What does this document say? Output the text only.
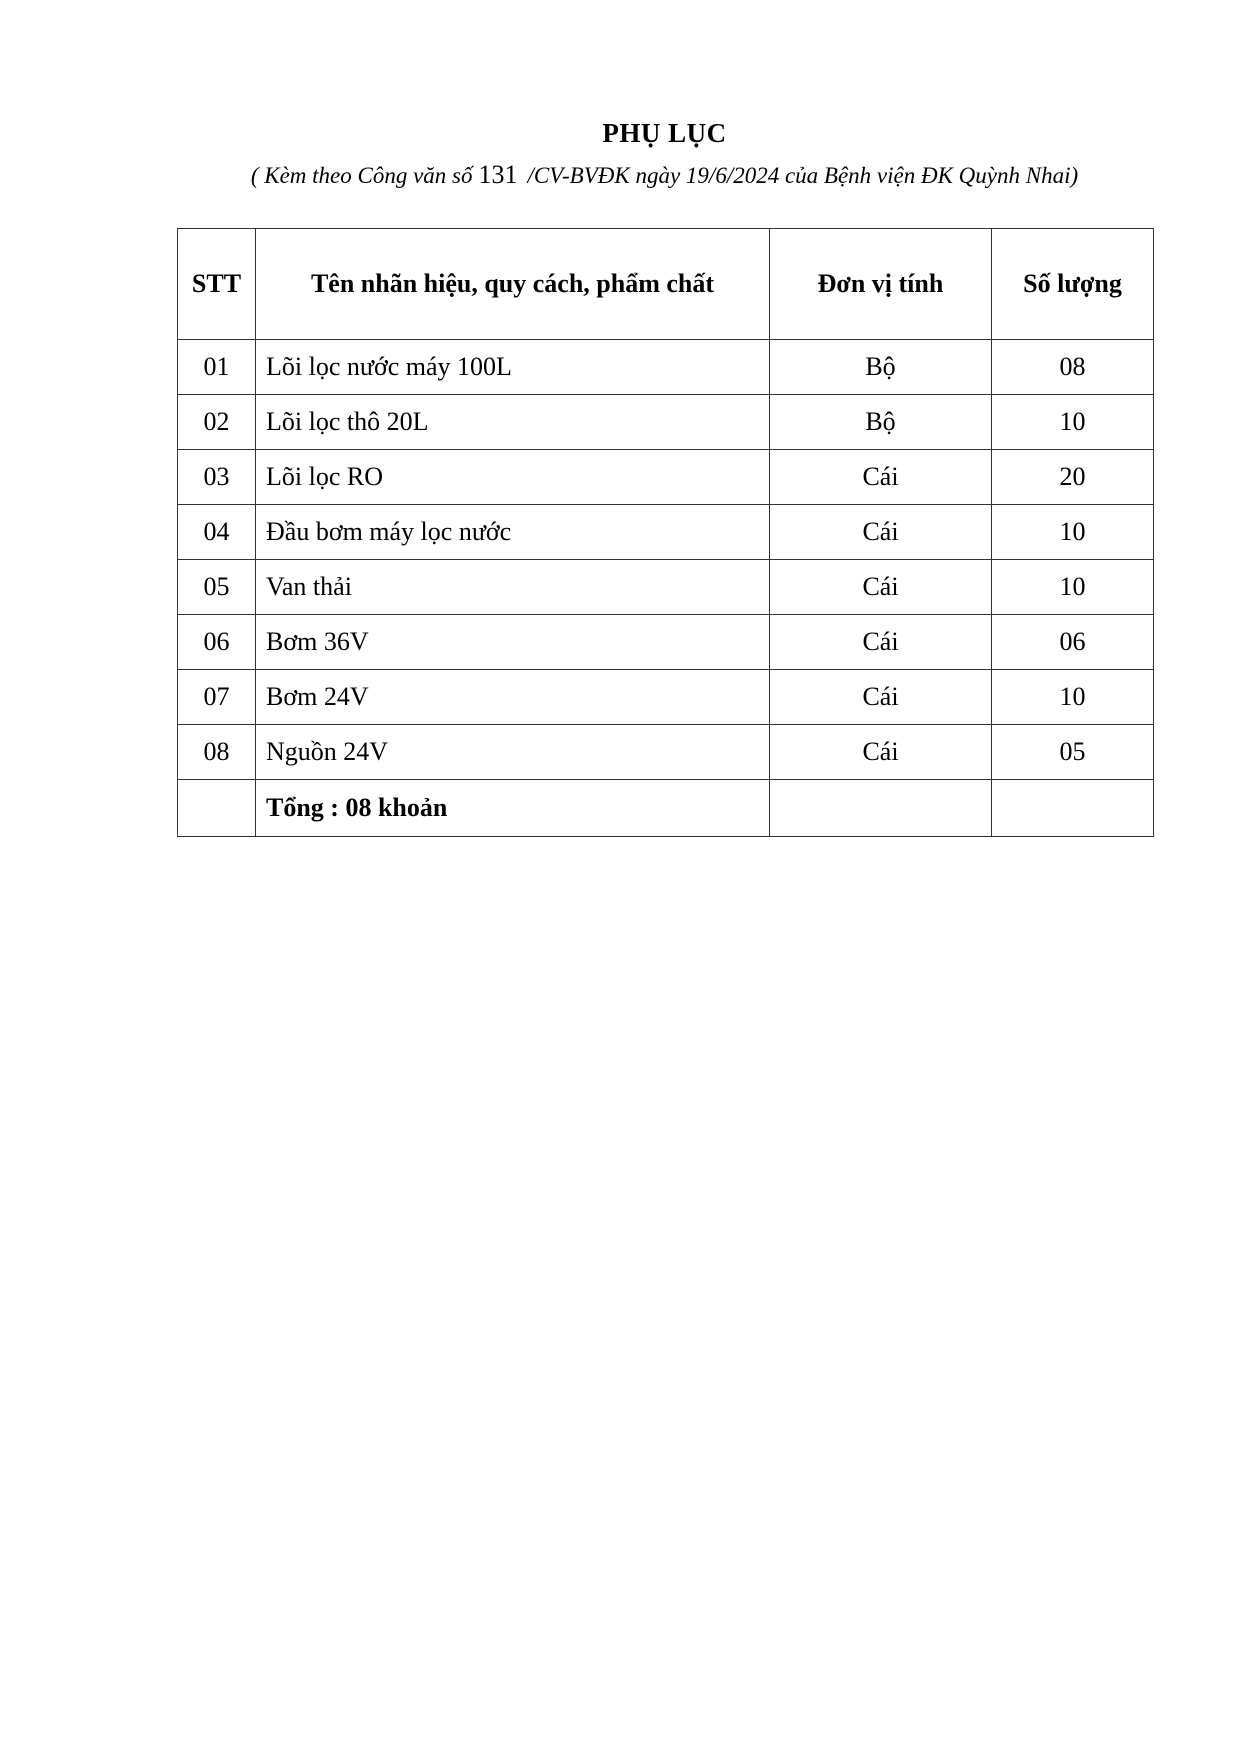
PHỤ LỤC
( Kèm theo Công văn số 131 /CV-BVĐK ngày 19/6/2024 của Bệnh viện ĐK Quỳnh Nhai)
STT	Tên nhãn hiệu, quy cách, phẩm chất	Đơn vị tính	Số lượng
01	Lõi lọc nước máy 100L	Bộ	08
02	Lõi lọc thô 20L	Bộ	10
03	Lõi lọc RO	Cái	20
04	Đầu bơm máy lọc nước	Cái	10
05	Van thải	Cái	10
06	Bơm 36V	Cái	06
07	Bơm 24V	Cái	10
08	Nguồn 24V	Cái	05
	Tổng : 08 khoản		
